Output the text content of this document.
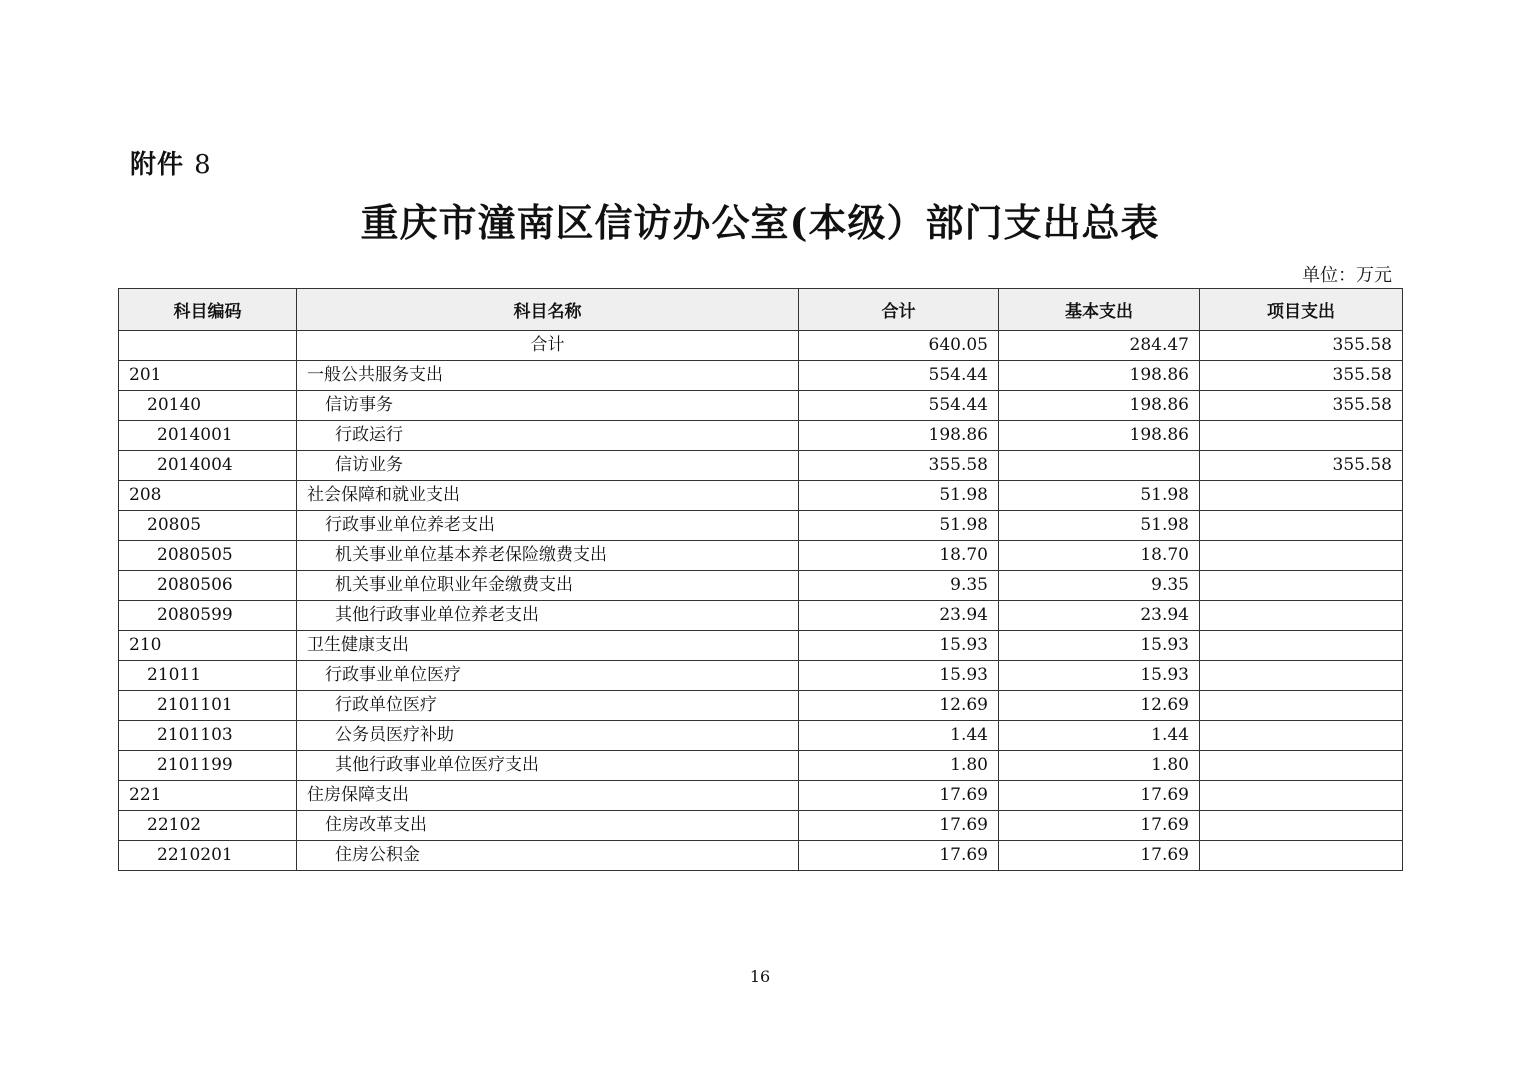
附件 8
重庆市潼南区信访办公室(本级）部门支出总表
单位：万元
科目编码	科目名称	合计	基本支出	项目支出
	合计	640.05	284.47	355.58
201	一般公共服务支出	554.44	198.86	355.58
20140	信访事务	554.44	198.86	355.58
2014001	行政运行	198.86	198.86	
2014004	信访业务	355.58		355.58
208	社会保障和就业支出	51.98	51.98	
20805	行政事业单位养老支出	51.98	51.98	
2080505	机关事业单位基本养老保险缴费支出	18.70	18.70	
2080506	机关事业单位职业年金缴费支出	9.35	9.35	
2080599	其他行政事业单位养老支出	23.94	23.94	
210	卫生健康支出	15.93	15.93	
21011	行政事业单位医疗	15.93	15.93	
2101101	行政单位医疗	12.69	12.69	
2101103	公务员医疗补助	1.44	1.44	
2101199	其他行政事业单位医疗支出	1.80	1.80	
221	住房保障支出	17.69	17.69	
22102	住房改革支出	17.69	17.69	
2210201	住房公积金	17.69	17.69	
16
